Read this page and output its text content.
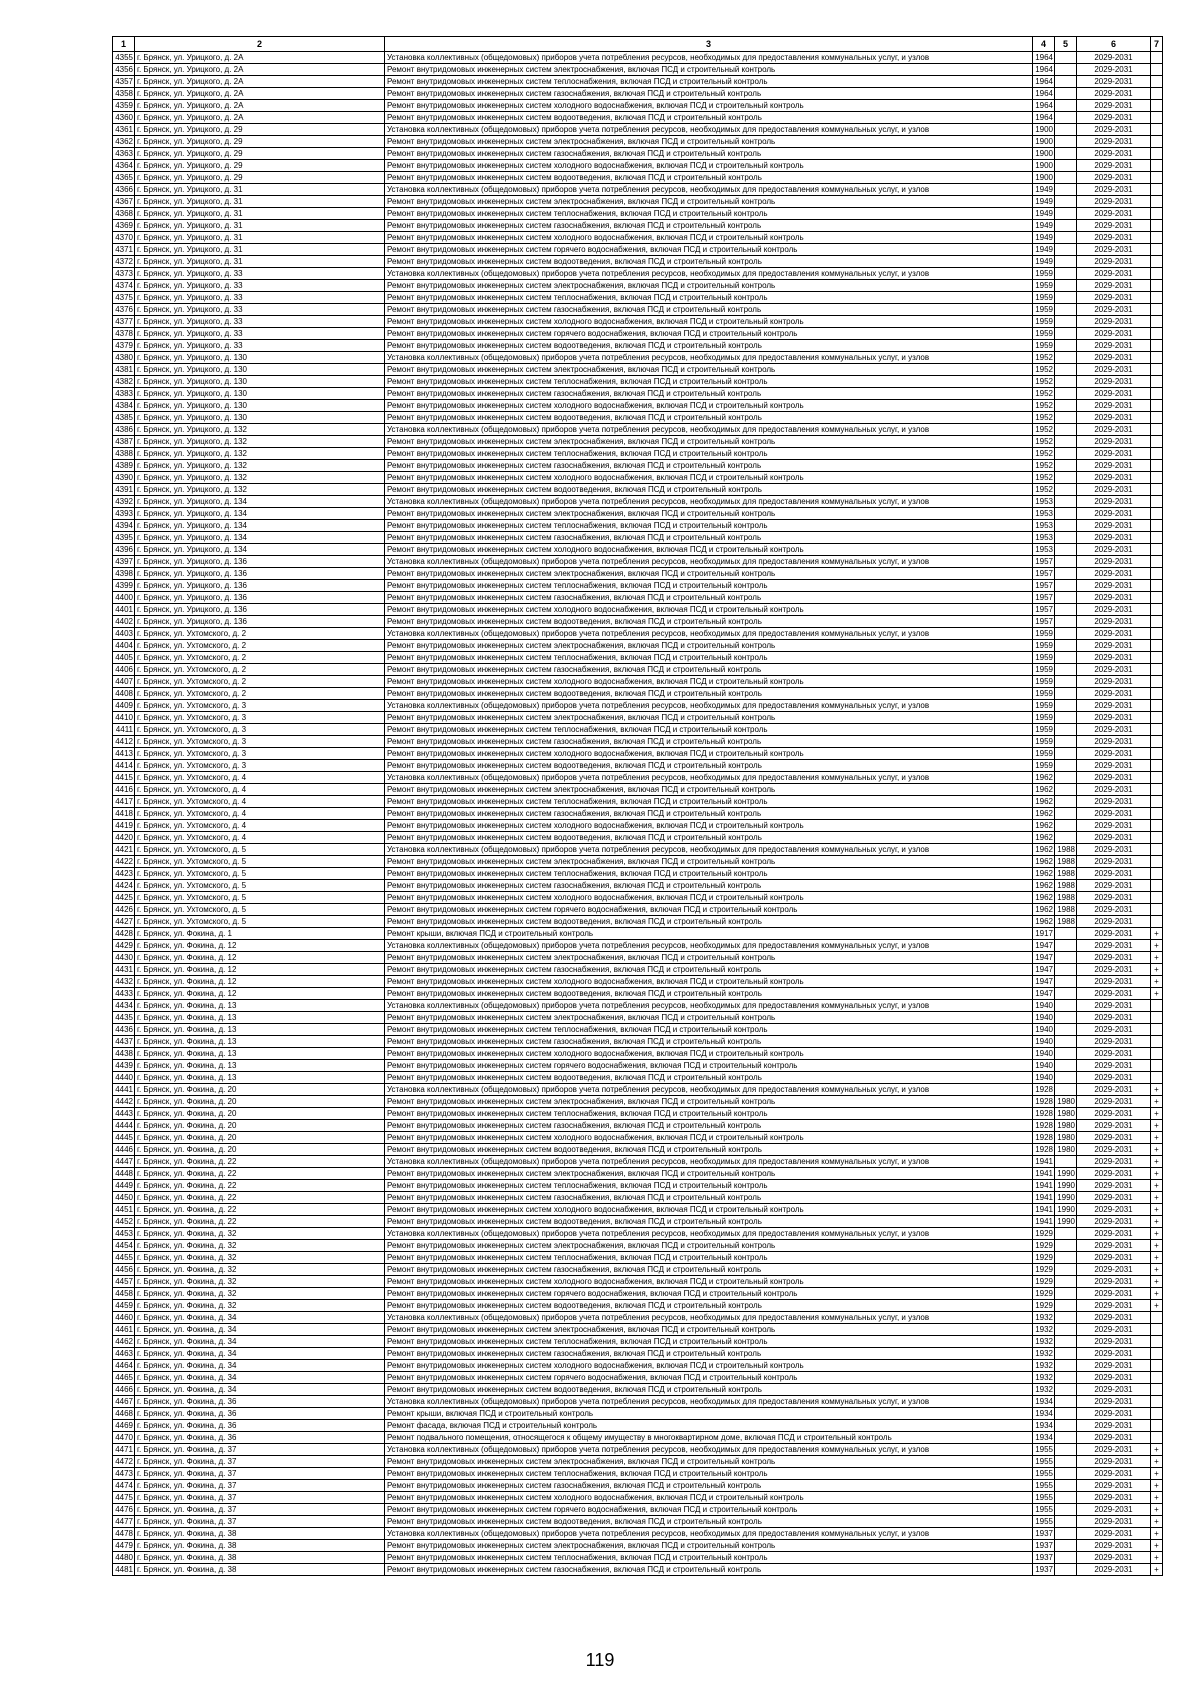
1	2	3	4	5	6	7
4355	г. Брянск, ул. Урицкого, д. 2А	Установка коллективных (общедомовых) приборов учета потребления ресурсов, необходимых для предоставления коммунальных услуг, и узлов	1964		2029-2031	
4356	г. Брянск, ул. Урицкого, д. 2А	Ремонт внутридомовых инженерных систем электроснабжения, включая ПСД и строительный контроль	1964		2029-2031	
4357	г. Брянск, ул. Урицкого, д. 2А	Ремонт внутридомовых инженерных систем теплоснабжения, включая ПСД и строительный контроль	1964		2029-2031	
4358	г. Брянск, ул. Урицкого, д. 2А	Ремонт внутридомовых инженерных систем газоснабжения, включая ПСД и строительный контроль	1964		2029-2031	
4359	г. Брянск, ул. Урицкого, д. 2А	Ремонт внутридомовых инженерных систем холодного водоснабжения, включая ПСД и строительный контроль	1964		2029-2031	
4360	г. Брянск, ул. Урицкого, д. 2А	Ремонт внутридомовых инженерных систем водоотведения, включая ПСД и строительный контроль	1964		2029-2031	
4361	г. Брянск, ул. Урицкого, д. 29	Установка коллективных (общедомовых) приборов учета потребления ресурсов, необходимых для предоставления коммунальных услуг, и узлов	1900		2029-2031	
4362	г. Брянск, ул. Урицкого, д. 29	Ремонт внутридомовых инженерных систем электроснабжения, включая ПСД и строительный контроль	1900		2029-2031	
4363	г. Брянск, ул. Урицкого, д. 29	Ремонт внутридомовых инженерных систем газоснабжения, включая ПСД и строительный контроль	1900		2029-2031	
4364	г. Брянск, ул. Урицкого, д. 29	Ремонт внутридомовых инженерных систем холодного водоснабжения, включая ПСД и строительный контроль	1900		2029-2031	
4365	г. Брянск, ул. Урицкого, д. 29	Ремонт внутридомовых инженерных систем водоотведения, включая ПСД и строительный контроль	1900		2029-2031	
4366	г. Брянск, ул. Урицкого, д. 31	Установка коллективных (общедомовых) приборов учета потребления ресурсов, необходимых для предоставления коммунальных услуг, и узлов	1949		2029-2031	
4367	г. Брянск, ул. Урицкого, д. 31	Ремонт внутридомовых инженерных систем электроснабжения, включая ПСД и строительный контроль	1949		2029-2031	
4368	г. Брянск, ул. Урицкого, д. 31	Ремонт внутридомовых инженерных систем теплоснабжения, включая ПСД и строительный контроль	1949		2029-2031	
4369	г. Брянск, ул. Урицкого, д. 31	Ремонт внутридомовых инженерных систем газоснабжения, включая ПСД и строительный контроль	1949		2029-2031	
4370	г. Брянск, ул. Урицкого, д. 31	Ремонт внутридомовых инженерных систем холодного водоснабжения, включая ПСД и строительный контроль	1949		2029-2031	
4371	г. Брянск, ул. Урицкого, д. 31	Ремонт внутридомовых инженерных систем горячего водоснабжения, включая ПСД и строительный контроль	1949		2029-2031	
4372	г. Брянск, ул. Урицкого, д. 31	Ремонт внутридомовых инженерных систем водоотведения, включая ПСД и строительный контроль	1949		2029-2031	
4373	г. Брянск, ул. Урицкого, д. 33	Установка коллективных (общедомовых) приборов учета потребления ресурсов, необходимых для предоставления коммунальных услуг, и узлов	1959		2029-2031	
4374	г. Брянск, ул. Урицкого, д. 33	Ремонт внутридомовых инженерных систем электроснабжения, включая ПСД и строительный контроль	1959		2029-2031	
4375	г. Брянск, ул. Урицкого, д. 33	Ремонт внутридомовых инженерных систем теплоснабжения, включая ПСД и строительный контроль	1959		2029-2031	
4376	г. Брянск, ул. Урицкого, д. 33	Ремонт внутридомовых инженерных систем газоснабжения, включая ПСД и строительный контроль	1959		2029-2031	
4377	г. Брянск, ул. Урицкого, д. 33	Ремонт внутридомовых инженерных систем холодного водоснабжения, включая ПСД и строительный контроль	1959		2029-2031	
4378	г. Брянск, ул. Урицкого, д. 33	Ремонт внутридомовых инженерных систем горячего водоснабжения, включая ПСД и строительный контроль	1959		2029-2031	
4379	г. Брянск, ул. Урицкого, д. 33	Ремонт внутридомовых инженерных систем водоотведения, включая ПСД и строительный контроль	1959		2029-2031	
4380	г. Брянск, ул. Урицкого, д. 130	Установка коллективных (общедомовых) приборов учета потребления ресурсов, необходимых для предоставления коммунальных услуг, и узлов	1952		2029-2031	
4381	г. Брянск, ул. Урицкого, д. 130	Ремонт внутридомовых инженерных систем электроснабжения, включая ПСД и строительный контроль	1952		2029-2031	
4382	г. Брянск, ул. Урицкого, д. 130	Ремонт внутридомовых инженерных систем теплоснабжения, включая ПСД и строительный контроль	1952		2029-2031	
4383	г. Брянск, ул. Урицкого, д. 130	Ремонт внутридомовых инженерных систем газоснабжения, включая ПСД и строительный контроль	1952		2029-2031	
4384	г. Брянск, ул. Урицкого, д. 130	Ремонт внутридомовых инженерных систем холодного водоснабжения, включая ПСД и строительный контроль	1952		2029-2031	
4385	г. Брянск, ул. Урицкого, д. 130	Ремонт внутридомовых инженерных систем водоотведения, включая ПСД и строительный контроль	1952		2029-2031	
4386	г. Брянск, ул. Урицкого, д. 132	Установка коллективных (общедомовых) приборов учета потребления ресурсов, необходимых для предоставления коммунальных услуг, и узлов	1952		2029-2031	
4387	г. Брянск, ул. Урицкого, д. 132	Ремонт внутридомовых инженерных систем электроснабжения, включая ПСД и строительный контроль	1952		2029-2031	
4388	г. Брянск, ул. Урицкого, д. 132	Ремонт внутридомовых инженерных систем теплоснабжения, включая ПСД и строительный контроль	1952		2029-2031	
4389	г. Брянск, ул. Урицкого, д. 132	Ремонт внутридомовых инженерных систем газоснабжения, включая ПСД и строительный контроль	1952		2029-2031	
4390	г. Брянск, ул. Урицкого, д. 132	Ремонт внутридомовых инженерных систем холодного водоснабжения, включая ПСД и строительный контроль	1952		2029-2031	
4391	г. Брянск, ул. Урицкого, д. 132	Ремонт внутридомовых инженерных систем водоотведения, включая ПСД и строительный контроль	1952		2029-2031	
4392	г. Брянск, ул. Урицкого, д. 134	Установка коллективных (общедомовых) приборов учета потребления ресурсов, необходимых для предоставления коммунальных услуг, и узлов	1953		2029-2031	
4393	г. Брянск, ул. Урицкого, д. 134	Ремонт внутридомовых инженерных систем электроснабжения, включая ПСД и строительный контроль	1953		2029-2031	
4394	г. Брянск, ул. Урицкого, д. 134	Ремонт внутридомовых инженерных систем теплоснабжения, включая ПСД и строительный контроль	1953		2029-2031	
4395	г. Брянск, ул. Урицкого, д. 134	Ремонт внутридомовых инженерных систем газоснабжения, включая ПСД и строительный контроль	1953		2029-2031	
4396	г. Брянск, ул. Урицкого, д. 134	Ремонт внутридомовых инженерных систем холодного водоснабжения, включая ПСД и строительный контроль	1953		2029-2031	
4397	г. Брянск, ул. Урицкого, д. 136	Установка коллективных (общедомовых) приборов учета потребления ресурсов, необходимых для предоставления коммунальных услуг, и узлов	1957		2029-2031	
4398	г. Брянск, ул. Урицкого, д. 136	Ремонт внутридомовых инженерных систем электроснабжения, включая ПСД и строительный контроль	1957		2029-2031	
4399	г. Брянск, ул. Урицкого, д. 136	Ремонт внутридомовых инженерных систем теплоснабжения, включая ПСД и строительный контроль	1957		2029-2031	
4400	г. Брянск, ул. Урицкого, д. 136	Ремонт внутридомовых инженерных систем газоснабжения, включая ПСД и строительный контроль	1957		2029-2031	
4401	г. Брянск, ул. Урицкого, д. 136	Ремонт внутридомовых инженерных систем холодного водоснабжения, включая ПСД и строительный контроль	1957		2029-2031	
4402	г. Брянск, ул. Урицкого, д. 136	Ремонт внутридомовых инженерных систем водоотведения, включая ПСД и строительный контроль	1957		2029-2031	
4403	г. Брянск, ул. Ухтомского, д. 2	Установка коллективных (общедомовых) приборов учета потребления ресурсов, необходимых для предоставления коммунальных услуг, и узлов	1959		2029-2031	
4404	г. Брянск, ул. Ухтомского, д. 2	Ремонт внутридомовых инженерных систем электроснабжения, включая ПСД и строительный контроль	1959		2029-2031	
4405	г. Брянск, ул. Ухтомского, д. 2	Ремонт внутридомовых инженерных систем теплоснабжения, включая ПСД и строительный контроль	1959		2029-2031	
4406	г. Брянск, ул. Ухтомского, д. 2	Ремонт внутридомовых инженерных систем газоснабжения, включая ПСД и строительный контроль	1959		2029-2031	
4407	г. Брянск, ул. Ухтомского, д. 2	Ремонт внутридомовых инженерных систем холодного водоснабжения, включая ПСД и строительный контроль	1959		2029-2031	
4408	г. Брянск, ул. Ухтомского, д. 2	Ремонт внутридомовых инженерных систем водоотведения, включая ПСД и строительный контроль	1959		2029-2031	
4409	г. Брянск, ул. Ухтомского, д. 3	Установка коллективных (общедомовых) приборов учета потребления ресурсов, необходимых для предоставления коммунальных услуг, и узлов	1959		2029-2031	
4410	г. Брянск, ул. Ухтомского, д. 3	Ремонт внутридомовых инженерных систем электроснабжения, включая ПСД и строительный контроль	1959		2029-2031	
4411	г. Брянск, ул. Ухтомского, д. 3	Ремонт внутридомовых инженерных систем теплоснабжения, включая ПСД и строительный контроль	1959		2029-2031	
4412	г. Брянск, ул. Ухтомского, д. 3	Ремонт внутридомовых инженерных систем газоснабжения, включая ПСД и строительный контроль	1959		2029-2031	
4413	г. Брянск, ул. Ухтомского, д. 3	Ремонт внутридомовых инженерных систем холодного водоснабжения, включая ПСД и строительный контроль	1959		2029-2031	
4414	г. Брянск, ул. Ухтомского, д. 3	Ремонт внутридомовых инженерных систем водоотведения, включая ПСД и строительный контроль	1959		2029-2031	
4415	г. Брянск, ул. Ухтомского, д. 4	Установка коллективных (общедомовых) приборов учета потребления ресурсов, необходимых для предоставления коммунальных услуг, и узлов	1962		2029-2031	
4416	г. Брянск, ул. Ухтомского, д. 4	Ремонт внутридомовых инженерных систем электроснабжения, включая ПСД и строительный контроль	1962		2029-2031	
4417	г. Брянск, ул. Ухтомского, д. 4	Ремонт внутридомовых инженерных систем теплоснабжения, включая ПСД и строительный контроль	1962		2029-2031	
4418	г. Брянск, ул. Ухтомского, д. 4	Ремонт внутридомовых инженерных систем газоснабжения, включая ПСД и строительный контроль	1962		2029-2031	
4419	г. Брянск, ул. Ухтомского, д. 4	Ремонт внутридомовых инженерных систем холодного водоснабжения, включая ПСД и строительный контроль	1962		2029-2031	
4420	г. Брянск, ул. Ухтомского, д. 4	Ремонт внутридомовых инженерных систем водоотведения, включая ПСД и строительный контроль	1962		2029-2031	
4421	г. Брянск, ул. Ухтомского, д. 5	Установка коллективных (общедомовых) приборов учета потребления ресурсов, необходимых для предоставления коммунальных услуг, и узлов	1962	1988	2029-2031	
4422	г. Брянск, ул. Ухтомского, д. 5	Ремонт внутридомовых инженерных систем электроснабжения, включая ПСД и строительный контроль	1962	1988	2029-2031	
4423	г. Брянск, ул. Ухтомского, д. 5	Ремонт внутридомовых инженерных систем теплоснабжения, включая ПСД и строительный контроль	1962	1988	2029-2031	
4424	г. Брянск, ул. Ухтомского, д. 5	Ремонт внутридомовых инженерных систем газоснабжения, включая ПСД и строительный контроль	1962	1988	2029-2031	
4425	г. Брянск, ул. Ухтомского, д. 5	Ремонт внутридомовых инженерных систем холодного водоснабжения, включая ПСД и строительный контроль	1962	1988	2029-2031	
4426	г. Брянск, ул. Ухтомского, д. 5	Ремонт внутридомовых инженерных систем горячего водоснабжения, включая ПСД и строительный контроль	1962	1988	2029-2031	
4427	г. Брянск, ул. Ухтомского, д. 5	Ремонт внутридомовых инженерных систем водоотведения, включая ПСД и строительный контроль	1962	1988	2029-2031	
4428	г. Брянск, ул. Фокина, д. 1	Ремонт крыши, включая ПСД и строительный контроль	1917		2029-2031	+
4429	г. Брянск, ул. Фокина, д. 12	Установка коллективных (общедомовых) приборов учета потребления ресурсов, необходимых для предоставления коммунальных услуг, и узлов	1947		2029-2031	+
4430	г. Брянск, ул. Фокина, д. 12	Ремонт внутридомовых инженерных систем электроснабжения, включая ПСД и строительный контроль	1947		2029-2031	+
4431	г. Брянск, ул. Фокина, д. 12	Ремонт внутридомовых инженерных систем газоснабжения, включая ПСД и строительный контроль	1947		2029-2031	+
4432	г. Брянск, ул. Фокина, д. 12	Ремонт внутридомовых инженерных систем холодного водоснабжения, включая ПСД и строительный контроль	1947		2029-2031	+
4433	г. Брянск, ул. Фокина, д. 12	Ремонт внутридомовых инженерных систем водоотведения, включая ПСД и строительный контроль	1947		2029-2031	+
4434	г. Брянск, ул. Фокина, д. 13	Установка коллективных (общедомовых) приборов учета потребления ресурсов, необходимых для предоставления коммунальных услуг, и узлов	1940		2029-2031	
4435	г. Брянск, ул. Фокина, д. 13	Ремонт внутридомовых инженерных систем электроснабжения, включая ПСД и строительный контроль	1940		2029-2031	
4436	г. Брянск, ул. Фокина, д. 13	Ремонт внутридомовых инженерных систем теплоснабжения, включая ПСД и строительный контроль	1940		2029-2031	
4437	г. Брянск, ул. Фокина, д. 13	Ремонт внутридомовых инженерных систем газоснабжения, включая ПСД и строительный контроль	1940		2029-2031	
4438	г. Брянск, ул. Фокина, д. 13	Ремонт внутридомовых инженерных систем холодного водоснабжения, включая ПСД и строительный контроль	1940		2029-2031	
4439	г. Брянск, ул. Фокина, д. 13	Ремонт внутридомовых инженерных систем горячего водоснабжения, включая ПСД и строительный контроль	1940		2029-2031	
4440	г. Брянск, ул. Фокина, д. 13	Ремонт внутридомовых инженерных систем водоотведения, включая ПСД и строительный контроль	1940		2029-2031	
4441	г. Брянск, ул. Фокина, д. 20	Установка коллективных (общедомовых) приборов учета потребления ресурсов, необходимых для предоставления коммунальных услуг, и узлов	1928		2029-2031	+
4442	г. Брянск, ул. Фокина, д. 20	Ремонт внутридомовых инженерных систем электроснабжения, включая ПСД и строительный контроль	1928	1980	2029-2031	+
4443	г. Брянск, ул. Фокина, д. 20	Ремонт внутридомовых инженерных систем теплоснабжения, включая ПСД и строительный контроль	1928	1980	2029-2031	+
4444	г. Брянск, ул. Фокина, д. 20	Ремонт внутридомовых инженерных систем газоснабжения, включая ПСД и строительный контроль	1928	1980	2029-2031	+
4445	г. Брянск, ул. Фокина, д. 20	Ремонт внутридомовых инженерных систем холодного водоснабжения, включая ПСД и строительный контроль	1928	1980	2029-2031	+
4446	г. Брянск, ул. Фокина, д. 20	Ремонт внутридомовых инженерных систем водоотведения, включая ПСД и строительный контроль	1928	1980	2029-2031	+
4447	г. Брянск, ул. Фокина, д. 22	Установка коллективных (общедомовых) приборов учета потребления ресурсов, необходимых для предоставления коммунальных услуг, и узлов	1941		2029-2031	+
4448	г. Брянск, ул. Фокина, д. 22	Ремонт внутридомовых инженерных систем электроснабжения, включая ПСД и строительный контроль	1941	1990	2029-2031	+
4449	г. Брянск, ул. Фокина, д. 22	Ремонт внутридомовых инженерных систем теплоснабжения, включая ПСД и строительный контроль	1941	1990	2029-2031	+
4450	г. Брянск, ул. Фокина, д. 22	Ремонт внутридомовых инженерных систем газоснабжения, включая ПСД и строительный контроль	1941	1990	2029-2031	+
4451	г. Брянск, ул. Фокина, д. 22	Ремонт внутридомовых инженерных систем холодного водоснабжения, включая ПСД и строительный контроль	1941	1990	2029-2031	+
4452	г. Брянск, ул. Фокина, д. 22	Ремонт внутридомовых инженерных систем водоотведения, включая ПСД и строительный контроль	1941	1990	2029-2031	+
4453	г. Брянск, ул. Фокина, д. 32	Установка коллективных (общедомовых) приборов учета потребления ресурсов, необходимых для предоставления коммунальных услуг, и узлов	1929		2029-2031	+
4454	г. Брянск, ул. Фокина, д. 32	Ремонт внутридомовых инженерных систем электроснабжения, включая ПСД и строительный контроль	1929		2029-2031	+
4455	г. Брянск, ул. Фокина, д. 32	Ремонт внутридомовых инженерных систем теплоснабжения, включая ПСД и строительный контроль	1929		2029-2031	+
4456	г. Брянск, ул. Фокина, д. 32	Ремонт внутридомовых инженерных систем газоснабжения, включая ПСД и строительный контроль	1929		2029-2031	+
4457	г. Брянск, ул. Фокина, д. 32	Ремонт внутридомовых инженерных систем холодного водоснабжения, включая ПСД и строительный контроль	1929		2029-2031	+
4458	г. Брянск, ул. Фокина, д. 32	Ремонт внутридомовых инженерных систем горячего водоснабжения, включая ПСД и строительный контроль	1929		2029-2031	+
4459	г. Брянск, ул. Фокина, д. 32	Ремонт внутридомовых инженерных систем водоотведения, включая ПСД и строительный контроль	1929		2029-2031	+
4460	г. Брянск, ул. Фокина, д. 34	Установка коллективных (общедомовых) приборов учета потребления ресурсов, необходимых для предоставления коммунальных услуг, и узлов	1932		2029-2031	
4461	г. Брянск, ул. Фокина, д. 34	Ремонт внутридомовых инженерных систем электроснабжения, включая ПСД и строительный контроль	1932		2029-2031	
4462	г. Брянск, ул. Фокина, д. 34	Ремонт внутридомовых инженерных систем теплоснабжения, включая ПСД и строительный контроль	1932		2029-2031	
4463	г. Брянск, ул. Фокина, д. 34	Ремонт внутридомовых инженерных систем газоснабжения, включая ПСД и строительный контроль	1932		2029-2031	
4464	г. Брянск, ул. Фокина, д. 34	Ремонт внутридомовых инженерных систем холодного водоснабжения, включая ПСД и строительный контроль	1932		2029-2031	
4465	г. Брянск, ул. Фокина, д. 34	Ремонт внутридомовых инженерных систем горячего водоснабжения, включая ПСД и строительный контроль	1932		2029-2031	
4466	г. Брянск, ул. Фокина, д. 34	Ремонт внутридомовых инженерных систем водоотведения, включая ПСД и строительный контроль	1932		2029-2031	
4467	г. Брянск, ул. Фокина, д. 36	Установка коллективных (общедомовых) приборов учета потребления ресурсов, необходимых для предоставления коммунальных услуг, и узлов	1934		2029-2031	
4468	г. Брянск, ул. Фокина, д. 36	Ремонт крыши, включая ПСД и строительный контроль	1934		2029-2031	
4469	г. Брянск, ул. Фокина, д. 36	Ремонт фасада, включая ПСД и строительный контроль	1934		2029-2031	
4470	г. Брянск, ул. Фокина, д. 36	Ремонт подвального помещения, относящегося к общему имуществу в многоквартирном доме, включая ПСД и строительный контроль	1934		2029-2031	
4471	г. Брянск, ул. Фокина, д. 37	Установка коллективных (общедомовых) приборов учета потребления ресурсов, необходимых для предоставления коммунальных услуг, и узлов	1955		2029-2031	+
4472	г. Брянск, ул. Фокина, д. 37	Ремонт внутридомовых инженерных систем электроснабжения, включая ПСД и строительный контроль	1955		2029-2031	+
4473	г. Брянск, ул. Фокина, д. 37	Ремонт внутридомовых инженерных систем теплоснабжения, включая ПСД и строительный контроль	1955		2029-2031	+
4474	г. Брянск, ул. Фокина, д. 37	Ремонт внутридомовых инженерных систем газоснабжения, включая ПСД и строительный контроль	1955		2029-2031	+
4475	г. Брянск, ул. Фокина, д. 37	Ремонт внутридомовых инженерных систем холодного водоснабжения, включая ПСД и строительный контроль	1955		2029-2031	+
4476	г. Брянск, ул. Фокина, д. 37	Ремонт внутридомовых инженерных систем горячего водоснабжения, включая ПСД и строительный контроль	1955		2029-2031	+
4477	г. Брянск, ул. Фокина, д. 37	Ремонт внутридомовых инженерных систем водоотведения, включая ПСД и строительный контроль	1955		2029-2031	+
4478	г. Брянск, ул. Фокина, д. 38	Установка коллективных (общедомовых) приборов учета потребления ресурсов, необходимых для предоставления коммунальных услуг, и узлов	1937		2029-2031	+
4479	г. Брянск, ул. Фокина, д. 38	Ремонт внутридомовых инженерных систем электроснабжения, включая ПСД и строительный контроль	1937		2029-2031	+
4480	г. Брянск, ул. Фокина, д. 38	Ремонт внутридомовых инженерных систем теплоснабжения, включая ПСД и строительный контроль	1937		2029-2031	+
4481	г. Брянск, ул. Фокина, д. 38	Ремонт внутридомовых инженерных систем газоснабжения, включая ПСД и строительный контроль	1937		2029-2031	+
119
